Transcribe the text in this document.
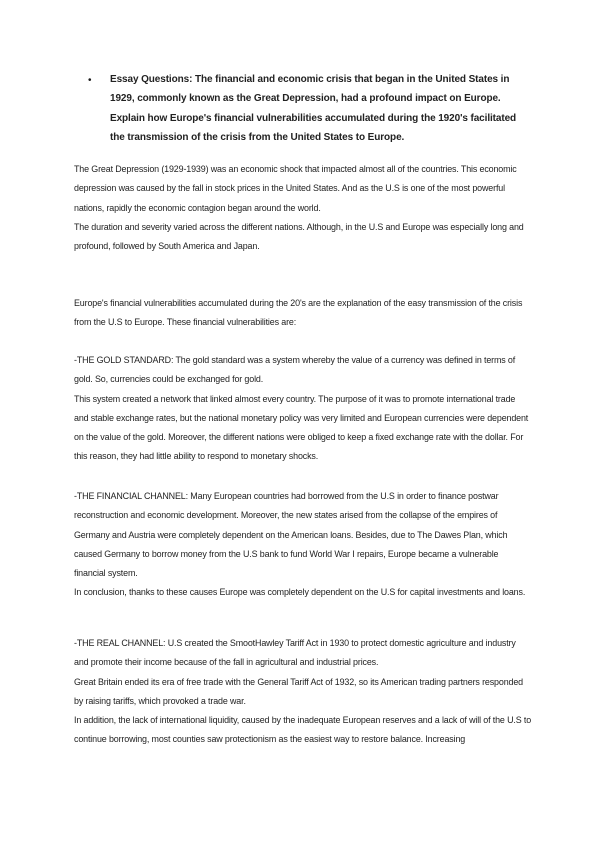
• Essay Questions: The financial and economic crisis that began in the United States in 1929, commonly known as the Great Depression, had a profound impact on Europe. Explain how Europe's financial vulnerabilities accumulated during the 1920's facilitated the transmission of the crisis from the United States to Europe.

The Great Depression (1929-1939) was an economic shock that impacted almost all of the countries. This economic depression was caused by the fall in stock prices in the United States. And as the U.S is one of the most powerful nations, rapidly the economic contagion began around the world.

The duration and severity varied across the different nations. Although, in the U.S and Europe was especially long and profound, followed by South America and Japan.

Europe's financial vulnerabilities accumulated during the 20's are the explanation of the easy transmission of the crisis from the U.S to Europe. These financial vulnerabilities are:

-THE GOLD STANDARD: The gold standard was a system whereby the value of a currency was defined in terms of gold. So, currencies could be exchanged for gold.

This system created a network that linked almost every country. The purpose of it was to promote international trade and stable exchange rates, but the national monetary policy was very limited and European currencies were dependent on the value of the gold. Moreover, the different nations were obliged to keep a fixed exchange rate with the dollar. For this reason, they had little ability to respond to monetary shocks.

-THE FINANCIAL CHANNEL: Many European countries had borrowed from the U.S in order to finance postwar reconstruction and economic development. Moreover, the new states arised from the collapse of the empires of Germany and Austria were completely dependent on the American loans. Besides, due to The Dawes Plan, which caused Germany to borrow money from the U.S bank to fund World War I repairs, Europe became a vulnerable financial system.

In conclusion, thanks to these causes Europe was completely dependent on the U.S for capital investments and loans.

-THE REAL CHANNEL: U.S created the SmootHawley Tariff Act in 1930 to protect domestic agriculture and industry and promote their income because of the fall in agricultural and industrial prices.

Great Britain ended its era of free trade with the General Tariff Act of 1932, so its American trading partners responded by raising tariffs, which provoked a trade war.

In addition, the lack of international liquidity, caused by the inadequate European reserves and a lack of will of the U.S to continue borrowing, most counties saw protectionism as the easiest way to restore balance. Increasing
